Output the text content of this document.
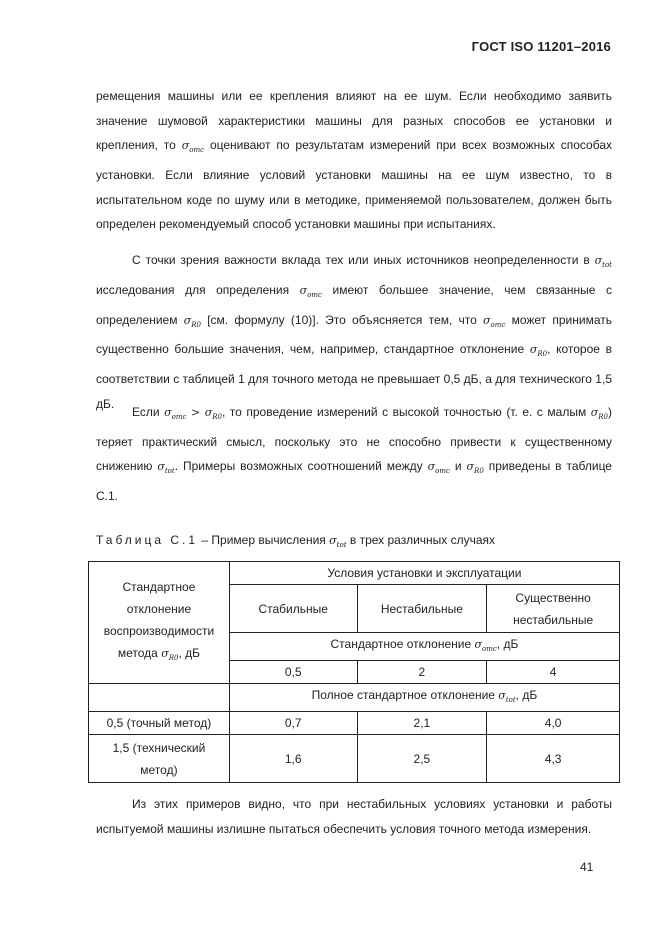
ГОСТ ISO 11201–2016

ремещения машины или ее крепления влияют на ее шум. Если необходимо заявить значение шумовой характеристики машины для разных способов ее установки и крепления, то $\sigma_{omc}$ оценивают по результатам измерений при всех возможных способах установки. Если влияние условий установки машины на ее шум известно, то в испытательном коде по шуму или в методике, применяемой пользователем, должен быть определен рекомендуемый способ установки машины при испытаниях.

С точки зрения важности вклада тех или иных источников неопределенности в $\sigma_{tot}$ исследования для определения $\sigma_{omc}$ имеют большее значение, чем связанные с определением $\sigma_{R0}$ [см. формулу (10)]. Это объясняется тем, что $\sigma_{omc}$ может принимать существенно большие значения, чем, например, стандартное отклонение $\sigma_{R0}$, которое в соответствии с таблицей 1 для точного метода не превышает 0,5 дБ, а для технического 1,5 дБ.

Если $\sigma_{omc} > \sigma_{R0}$, то проведение измерений с высокой точностью (т. е. с малым $\sigma_{R0}$) теряет практический смысл, поскольку это не способно привести к существенному снижению $\sigma_{tot}$. Примеры возможных соотношений между $\sigma_{omc}$ и $\sigma_{R0}$ приведены в таблице С.1.

Таблица С.1 – Пример вычисления $\sigma_{tot}$ в трех различных случаях
Стандартное отклонение воспроизводимости метода $\sigma_{R0}$, дБ	Условия установки и эксплуатации		
	Стабильные	Нестабильные	Существенно нестабильные
	Стандартное отклонение $\sigma_{omc}$, дБ		
	0,5	2	4
	Полное стандартное отклонение $\sigma_{tot}$, дБ		
0,5 (точный метод)	0,7	2,1	4,0
1,5 (технический метод)	1,6	2,5	4,3

Из этих примеров видно, что при нестабильных условиях установки и работы испытуемой машины излишне пытаться обеспечить условия точного метода измерения.

41
